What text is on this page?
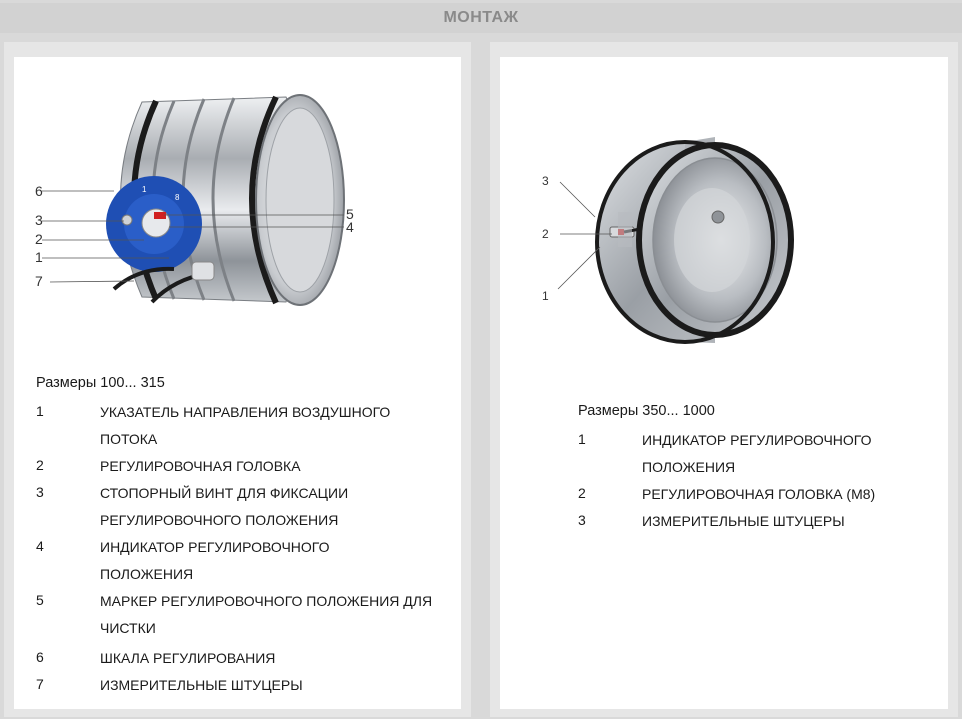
МОНТАЖ
1
8
6
3
2
1
7
5
4
Размеры 100... 315
1	УКАЗАТЕЛЬ НАПРАВЛЕНИЯ ВОЗДУШНОГО ПОТОКА
2	РЕГУЛИРОВОЧНАЯ ГОЛОВКА
3	СТОПОРНЫЙ ВИНТ ДЛЯ ФИКСАЦИИ РЕГУЛИРОВОЧНОГО ПОЛОЖЕНИЯ
4	ИНДИКАТОР РЕГУЛИРОВОЧНОГО ПОЛОЖЕНИЯ
5	МАРКЕР РЕГУЛИРОВОЧНОГО ПОЛОЖЕНИЯ ДЛЯ ЧИСТКИ
6	ШКАЛА РЕГУЛИРОВАНИЯ
7	ИЗМЕРИТЕЛЬНЫЕ ШТУЦЕРЫ
3
2
1
Размеры 350... 1000
1	ИНДИКАТОР РЕГУЛИРОВОЧНОГО ПОЛОЖЕНИЯ
2	РЕГУЛИРОВОЧНАЯ ГОЛОВКА (М8)
3	ИЗМЕРИТЕЛЬНЫЕ ШТУЦЕРЫ
